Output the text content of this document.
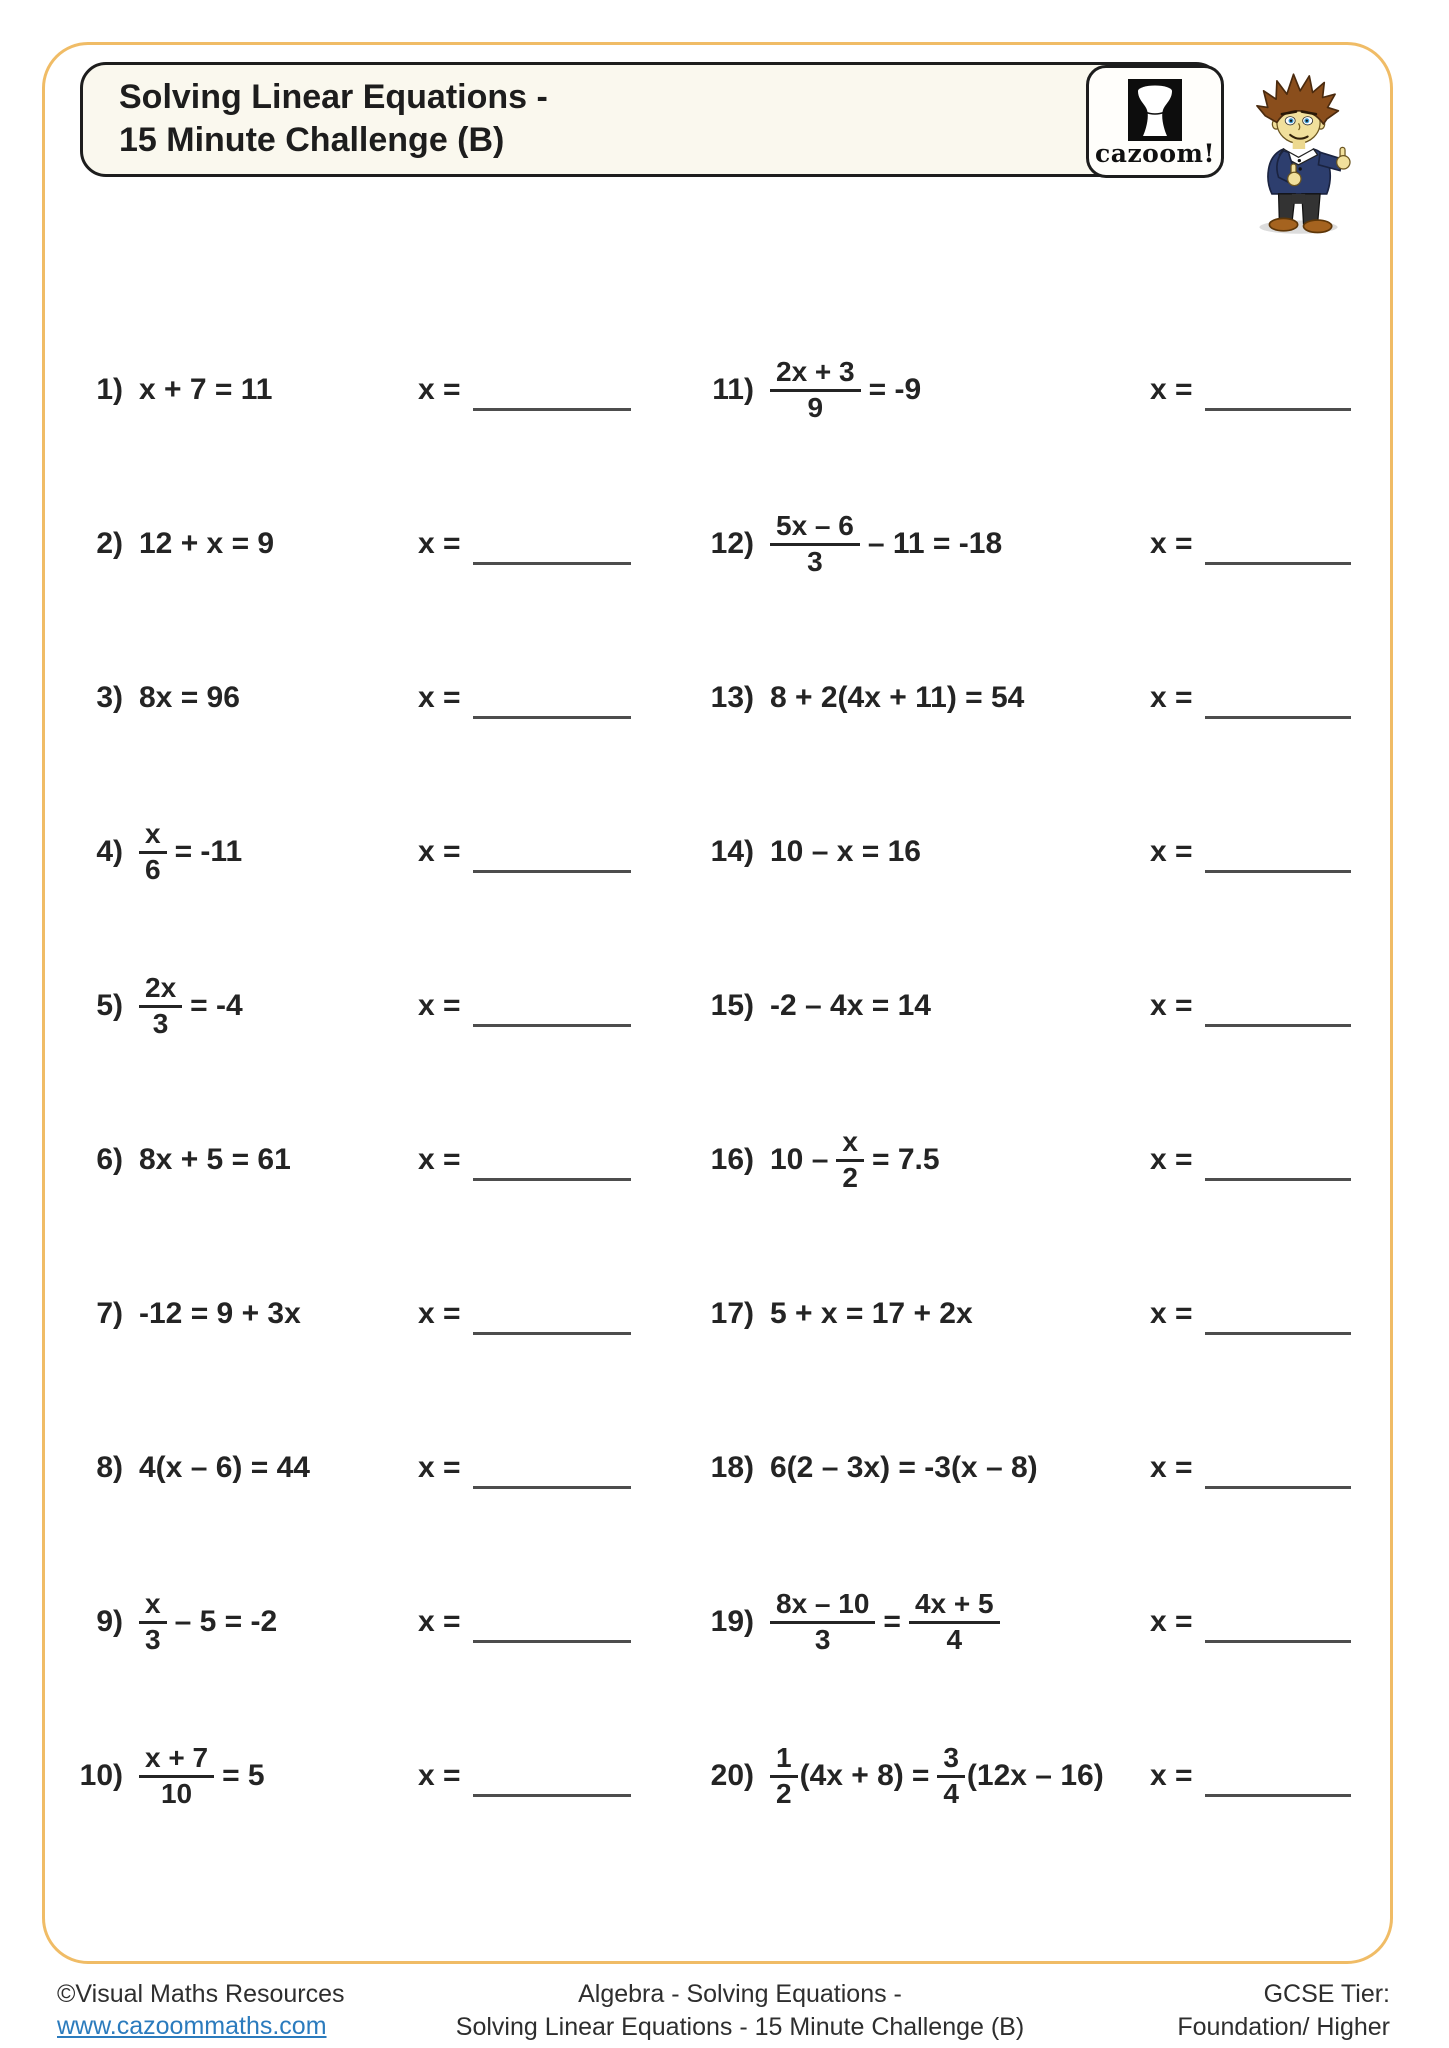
Solving Linear Equations -
15 Minute Challenge (B)	cazoom!
1) x + 7 = 11	x =
2) 12 + x = 9	x =
3) 8x = 96	x =
$4) \frac{x}{6} = -11$	x =
$5) \frac{2x}{3} = -4$	x =
6) 8x + 5 = 61	x =
7) -12 = 9 + 3x	x =
8) 4(x – 6) = 44	x =
$9) \frac{x}{3} - 5 = -2$	x =
$10) \frac{x + 7}{10} = 5$	x =
$11) \frac{2x + 3}{9} = -9$	x =
$12) \frac{5x - 6}{3} - 11 = -18$	x =
13) 8 + 2(4x + 11) = 54	x =
14) 10 – x = 16	x =
15) -2 – 4x = 14	x =
16) $10 - \frac{x}{2} = 7.5$	x =
17) 5 + x = 17 + 2x	x =
18) 6(2 – 3x) = -3(x – 8)	x =
$19) \frac{8x - 10}{3} = \frac{4x + 5}{4}$	x =
$20) \frac{1}{2} (4x + 8) = \frac{3}{4} (12x - 16) x$ =
©Visual Maths Resources
www.cazoommaths.com
Algebra - Solving Equations -
Solving Linear Equations - 15 Minute Challenge (B)
GCSE Tier:
Foundation/ Higher
